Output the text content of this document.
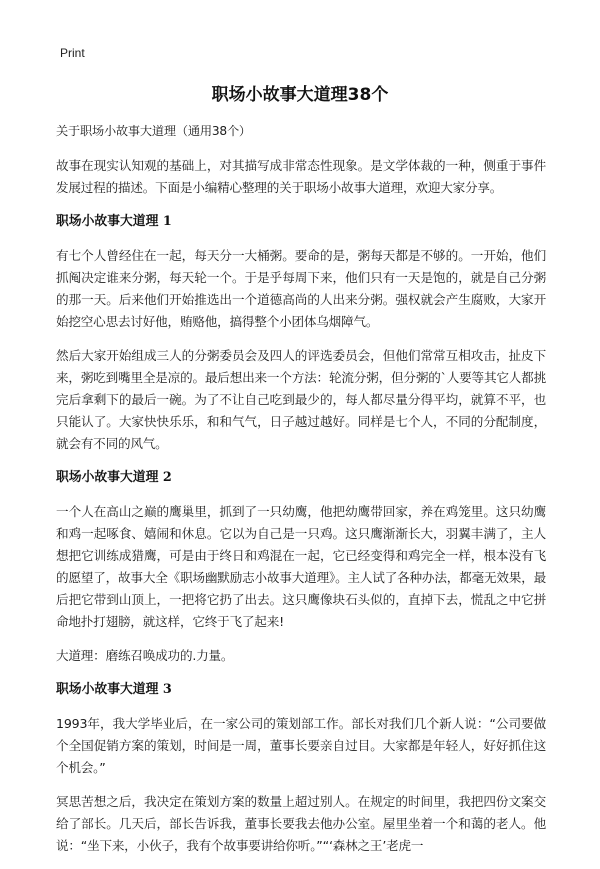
Print
职场小故事大道理38个

关于职场小故事大道理（通用38个）

故事在现实认知观的基础上，对其描写成非常态性现象。是文学体裁的一种，侧重于事件发展过程的描述。下面是小编精心整理的关于职场小故事大道理，欢迎大家分享。

职场小故事大道理 1

有七个人曾经住在一起，每天分一大桶粥。要命的是，粥每天都是不够的。一开始，他们抓阄决定谁来分粥，每天轮一个。于是乎每周下来，他们只有一天是饱的，就是自己分粥的那一天。后来他们开始推选出一个道德高尚的人出来分粥。强权就会产生腐败，大家开始挖空心思去讨好他，贿赂他，搞得整个小团体乌烟障气。

然后大家开始组成三人的分粥委员会及四人的评选委员会，但他们常常互相攻击，扯皮下来，粥吃到嘴里全是凉的。最后想出来一个方法：轮流分粥，但分粥的`人要等其它人都挑完后拿剩下的最后一碗。为了不让自己吃到最少的，每人都尽量分得平均，就算不平，也只能认了。大家快快乐乐，和和气气，日子越过越好。同样是七个人，不同的分配制度，就会有不同的风气。

职场小故事大道理 2

一个人在高山之巅的鹰巢里，抓到了一只幼鹰，他把幼鹰带回家，养在鸡笼里。这只幼鹰和鸡一起啄食、嬉闹和休息。它以为自己是一只鸡。这只鹰渐渐长大，羽翼丰满了，主人想把它训练成猎鹰，可是由于终日和鸡混在一起，它已经变得和鸡完全一样，根本没有飞的愿望了，故事大全《职场幽默励志小故事大道理》。主人试了各种办法，都毫无效果，最后把它带到山顶上，一把将它扔了出去。这只鹰像块石头似的，直掉下去，慌乱之中它拼命地扑打翅膀，就这样，它终于飞了起来!

大道理：磨练召唤成功的.力量。

职场小故事大道理 3

1993年，我大学毕业后，在一家公司的策划部工作。部长对我们几个新人说：“公司要做个全国促销方案的策划，时间是一周，董事长要亲自过目。大家都是年轻人，好好抓住这个机会。”

冥思苦想之后，我决定在策划方案的数量上超过别人。在规定的时间里，我把四份文案交给了部长。几天后，部长告诉我，董事长要我去他办公室。屋里坐着一个和蔼的老人。他说：“坐下来，小伙子，我有个故事要讲给你听。”“‘森林之王’老虎一
